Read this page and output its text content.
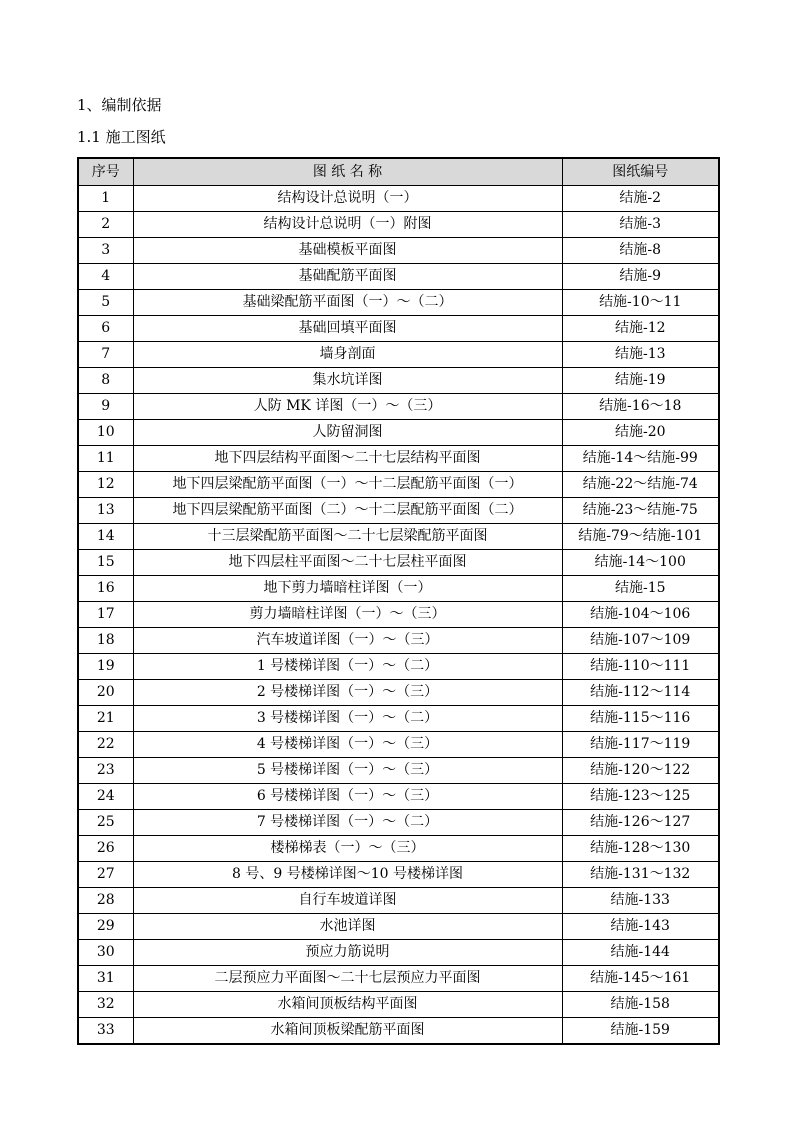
1、编制依据
1.1 施工图纸
序号	图 纸 名 称	图纸编号
1	结构设计总说明（一）	结施-2
2	结构设计总说明（一）附图	结施-3
3	基础模板平面图	结施-8
4	基础配筋平面图	结施-9
5	基础梁配筋平面图（一）～（二）	结施-10～11
6	基础回填平面图	结施-12
7	墙身剖面	结施-13
8	集水坑详图	结施-19
9	人防 MK 详图（一）～（三）	结施-16～18
10	人防留洞图	结施-20
11	地下四层结构平面图～二十七层结构平面图	结施-14～结施-99
12	地下四层梁配筋平面图（一）～十二层配筋平面图（一）	结施-22～结施-74
13	地下四层梁配筋平面图（二）～十二层配筋平面图（二）	结施-23～结施-75
14	十三层梁配筋平面图～二十七层梁配筋平面图	结施-79～结施-101
15	地下四层柱平面图～二十七层柱平面图	结施-14～100
16	地下剪力墙暗柱详图（一）	结施-15
17	剪力墙暗柱详图（一）～（三）	结施-104～106
18	汽车坡道详图（一）～（三）	结施-107～109
19	1 号楼梯详图（一）～（二）	结施-110～111
20	2 号楼梯详图（一）～（三）	结施-112～114
21	3 号楼梯详图（一）～（二）	结施-115～116
22	4 号楼梯详图（一）～（三）	结施-117～119
23	5 号楼梯详图（一）～（三）	结施-120～122
24	6 号楼梯详图（一）～（三）	结施-123～125
25	7 号楼梯详图（一）～（二）	结施-126～127
26	楼梯梯表（一）～（三）	结施-128～130
27	8 号、9 号楼梯详图～10 号楼梯详图	结施-131～132
28	自行车坡道详图	结施-133
29	水池详图	结施-143
30	预应力筋说明	结施-144
31	二层预应力平面图～二十七层预应力平面图	结施-145～161
32	水箱间顶板结构平面图	结施-158
33	水箱间顶板梁配筋平面图	结施-159
